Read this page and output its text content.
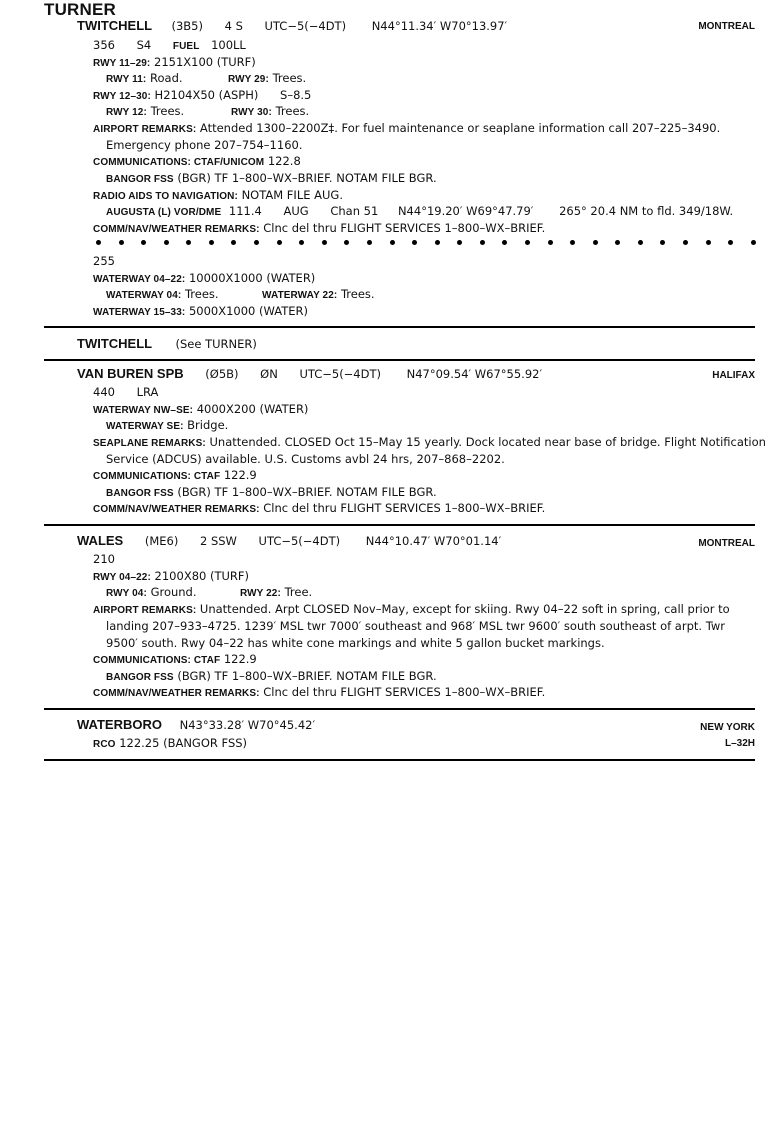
TURNER
TWITCHELL (3B5) 4 S UTC−5(−4DT) N44°11.34′ W70°13.97′	MONTREAL
356 S4 FUEL 100LL
RWY 11–29: 2151X100 (TURF)
RWY 11: Road.	RWY 29: Trees.
RWY 12–30: H2104X50 (ASPH) S–8.5
RWY 12: Trees.	RWY 30: Trees.
AIRPORT REMARKS: Attended 1300–2200Z‡. For fuel maintenance or seaplane information call 207–225–3490.
Emergency phone 207–754–1160.
COMMUNICATIONS: CTAF/UNICOM 122.8
BANGOR FSS (BGR) TF 1–800–WX–BRIEF. NOTAM FILE BGR.
RADIO AIDS TO NAVIGATION: NOTAM FILE AUG.
AUGUSTA (L) VOR/DME 111.4 AUG Chan 51 N44°19.20′ W69°47.79′ 265° 20.4 NM to fld. 349/18W.
COMM/NAV/WEATHER REMARKS: Clnc del thru FLIGHT SERVICES 1–800–WX–BRIEF.
255
WATERWAY 04–22: 10000X1000 (WATER)
WATERWAY 04: Trees.	WATERWAY 22: Trees.
WATERWAY 15–33: 5000X1000 (WATER)
TWITCHELL (See TURNER)
VAN BUREN SPB (Ø5B) ØN UTC−5(−4DT) N47°09.54′ W67°55.92′	HALIFAX
440 LRA
WATERWAY NW–SE: 4000X200 (WATER)
WATERWAY SE: Bridge.
SEAPLANE REMARKS: Unattended. CLOSED Oct 15–May 15 yearly. Dock located near base of bridge. Flight Notification
Service (ADCUS) available. U.S. Customs avbl 24 hrs, 207–868–2202.
COMMUNICATIONS: CTAF 122.9
BANGOR FSS (BGR) TF 1–800–WX–BRIEF. NOTAM FILE BGR.
COMM/NAV/WEATHER REMARKS: Clnc del thru FLIGHT SERVICES 1–800–WX–BRIEF.
WALES (ME6) 2 SSW UTC−5(−4DT) N44°10.47′ W70°01.14′	MONTREAL
210
RWY 04–22: 2100X80 (TURF)
RWY 04: Ground.	RWY 22: Tree.
AIRPORT REMARKS: Unattended. Arpt CLOSED Nov–May, except for skiing. Rwy 04–22 soft in spring, call prior to
landing 207–933–4725. 1239′ MSL twr 7000′ southeast and 968′ MSL twr 9600′ south southeast of arpt. Twr
9500′ south. Rwy 04–22 has white cone markings and white 5 gallon bucket markings.
COMMUNICATIONS: CTAF 122.9
BANGOR FSS (BGR) TF 1–800–WX–BRIEF. NOTAM FILE BGR.
COMM/NAV/WEATHER REMARKS: Clnc del thru FLIGHT SERVICES 1–800–WX–BRIEF.
WATERBORO N43°33.28′ W70°45.42′	NEW YORK
RCO 122.25 (BANGOR FSS)	L–32H
